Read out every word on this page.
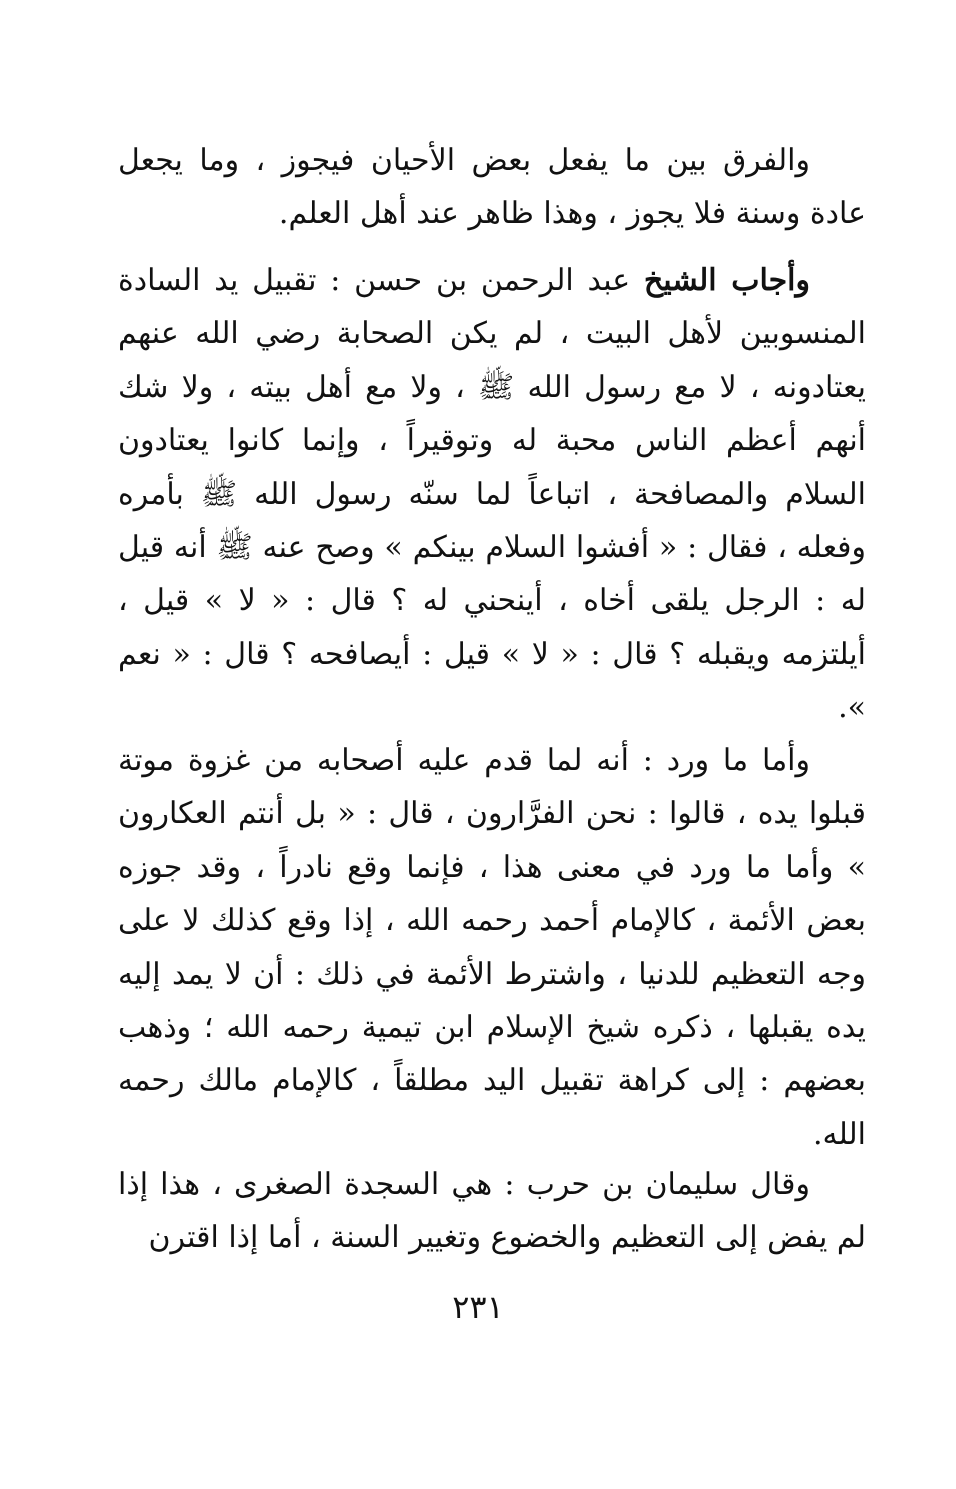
والفرق بين ما يفعل بعض الأحيان فيجوز ، وما يجعل عادة وسنة فلا يجوز ، وهذا ظاهر عند أهل العلم.

وأجاب الشيخ عبد الرحمن بن حسن : تقبيل يد السادة المنسوبين لأهل البيت ، لم يكن الصحابة رضي الله عنهم يعتادونه ، لا مع رسول الله ﷺ ، ولا مع أهل بيته ، ولا شك أنهم أعظم الناس محبة له وتوقيراً ، وإنما كانوا يعتادون السلام والمصافحة ، اتباعاً لما سنّه رسول الله ﷺ بأمره وفعله ، فقال : « أفشوا السلام بينكم » وصح عنه ﷺ أنه قيل له : الرجل يلقى أخاه ، أينحني له ؟ قال : « لا » قيل ، أيلتزمه ويقبله ؟ قال : « لا » قيل : أيصافحه ؟ قال : « نعم ».

وأما ما ورد : أنه لما قدم عليه أصحابه من غزوة موتة قبلوا يده ، قالوا : نحن الفرَّارون ، قال : « بل أنتم العكارون » وأما ما ورد في معنى هذا ، فإنما وقع نادراً ، وقد جوزه بعض الأئمة ، كالإمام أحمد رحمه الله ، إذا وقع كذلك لا على وجه التعظيم للدنيا ، واشترط الأئمة في ذلك : أن لا يمد إليه يده يقبلها ، ذكره شيخ الإسلام ابن تيمية رحمه الله ؛ وذهب بعضهم : إلى كراهة تقبيل اليد مطلقاً ، كالإمام مالك رحمه الله.

وقال سليمان بن حرب : هي السجدة الصغرى ، هذا إذا لم يفض إلى التعظيم والخضوع وتغيير السنة ، أما إذا اقترن

٢٣١
